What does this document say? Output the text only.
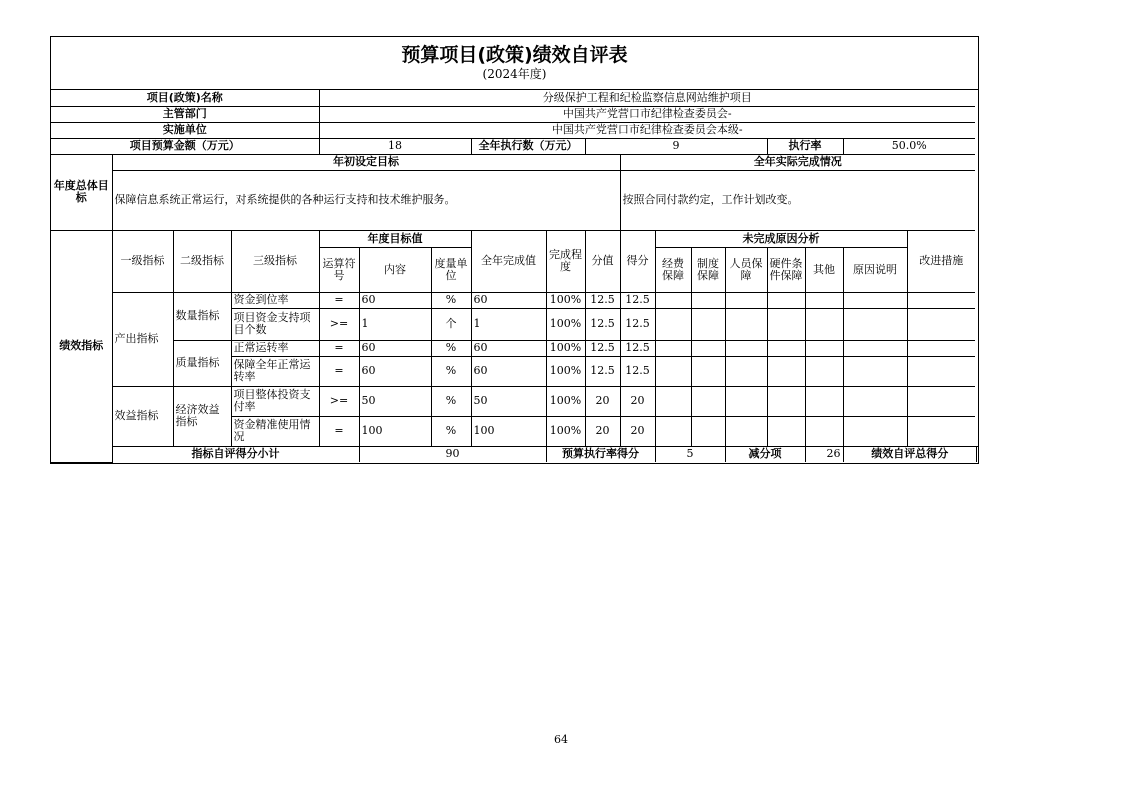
预算项目(政策)绩效自评表
(2024年度)
项目(政策)名称				分级保护工程和纪检监察信息网站维护项目														
主管部门				中国共产党营口市纪律检查委员会-														
实施单位				中国共产党营口市纪律检查委员会本级-														
项目预算金额（万元）				18			全年执行数（万元）		9					执行率		50.0%		
年度总体目标	年初设定目标									全年实际完成情况								
	保障信息系统正常运行，对系统提供的各种运行支持和技术维护服务。									按照合同付款约定，工作计划改变。								
绩效指标	一级指标	二级指标	三级指标	年度目标值			全年完成值	完成程度	分值	得分	未完成原因分析						改进措施	
				运算符号	内容	度量单位					经费保障	制度保障	人员保障	硬件条件保障	其他	原因说明		
	产出指标	数量指标	资金到位率	=	60	%	60	100%	12.5	12.5								
			项目资金支持项目个数	>=	1	个	1	100%	12.5	12.5								
		质量指标	正常运转率	=	60	%	60	100%	12.5	12.5								
			保障全年正常运转率	=	60	%	60	100%	12.5	12.5								
	效益指标	经济效益指标	项目整体投资支付率	>=	50	%	50	100%	20	20								
			资金精准使用情况	=	100	%	100	100%	20	20								
	指标自评得分小计				90			预算执行率得分			5		减分项		26	绩效自评总得分	
64
